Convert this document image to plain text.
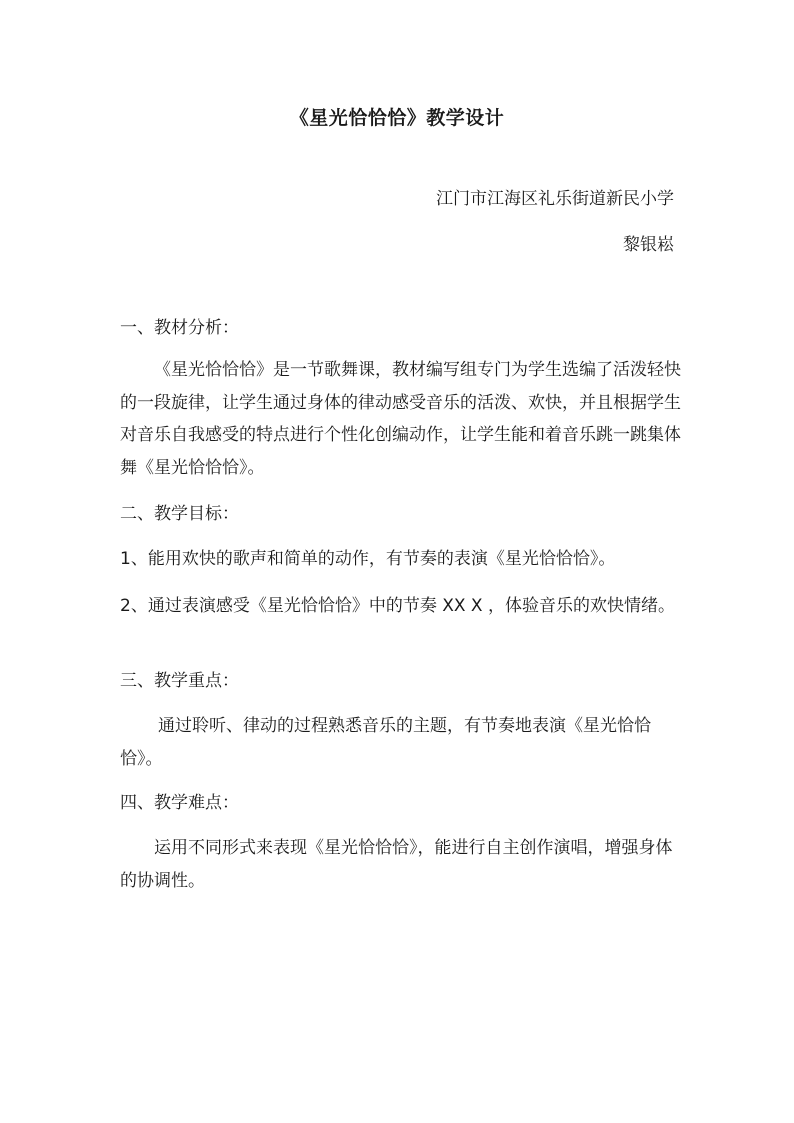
《星光恰恰恰》教学设计
江门市江海区礼乐街道新民小学
黎银崧
一、教材分析：
《星光恰恰恰》是一节歌舞课，教材编写组专门为学生选编了活泼轻快的一段旋律，让学生通过身体的律动感受音乐的活泼、欢快，并且根据学生对音乐自我感受的特点进行个性化创编动作，让学生能和着音乐跳一跳集体舞《星光恰恰恰》。
二、教学目标：
1、能用欢快的歌声和简单的动作，有节奏的表演《星光恰恰恰》。
2、通过表演感受《星光恰恰恰》中的节奏 XX X ，体验音乐的欢快情绪。
三、教学重点：
通过聆听、律动的过程熟悉音乐的主题，有节奏地表演《星光恰恰恰》。
四、教学难点：
运用不同形式来表现《星光恰恰恰》，能进行自主创作演唱，增强身体的协调性。
